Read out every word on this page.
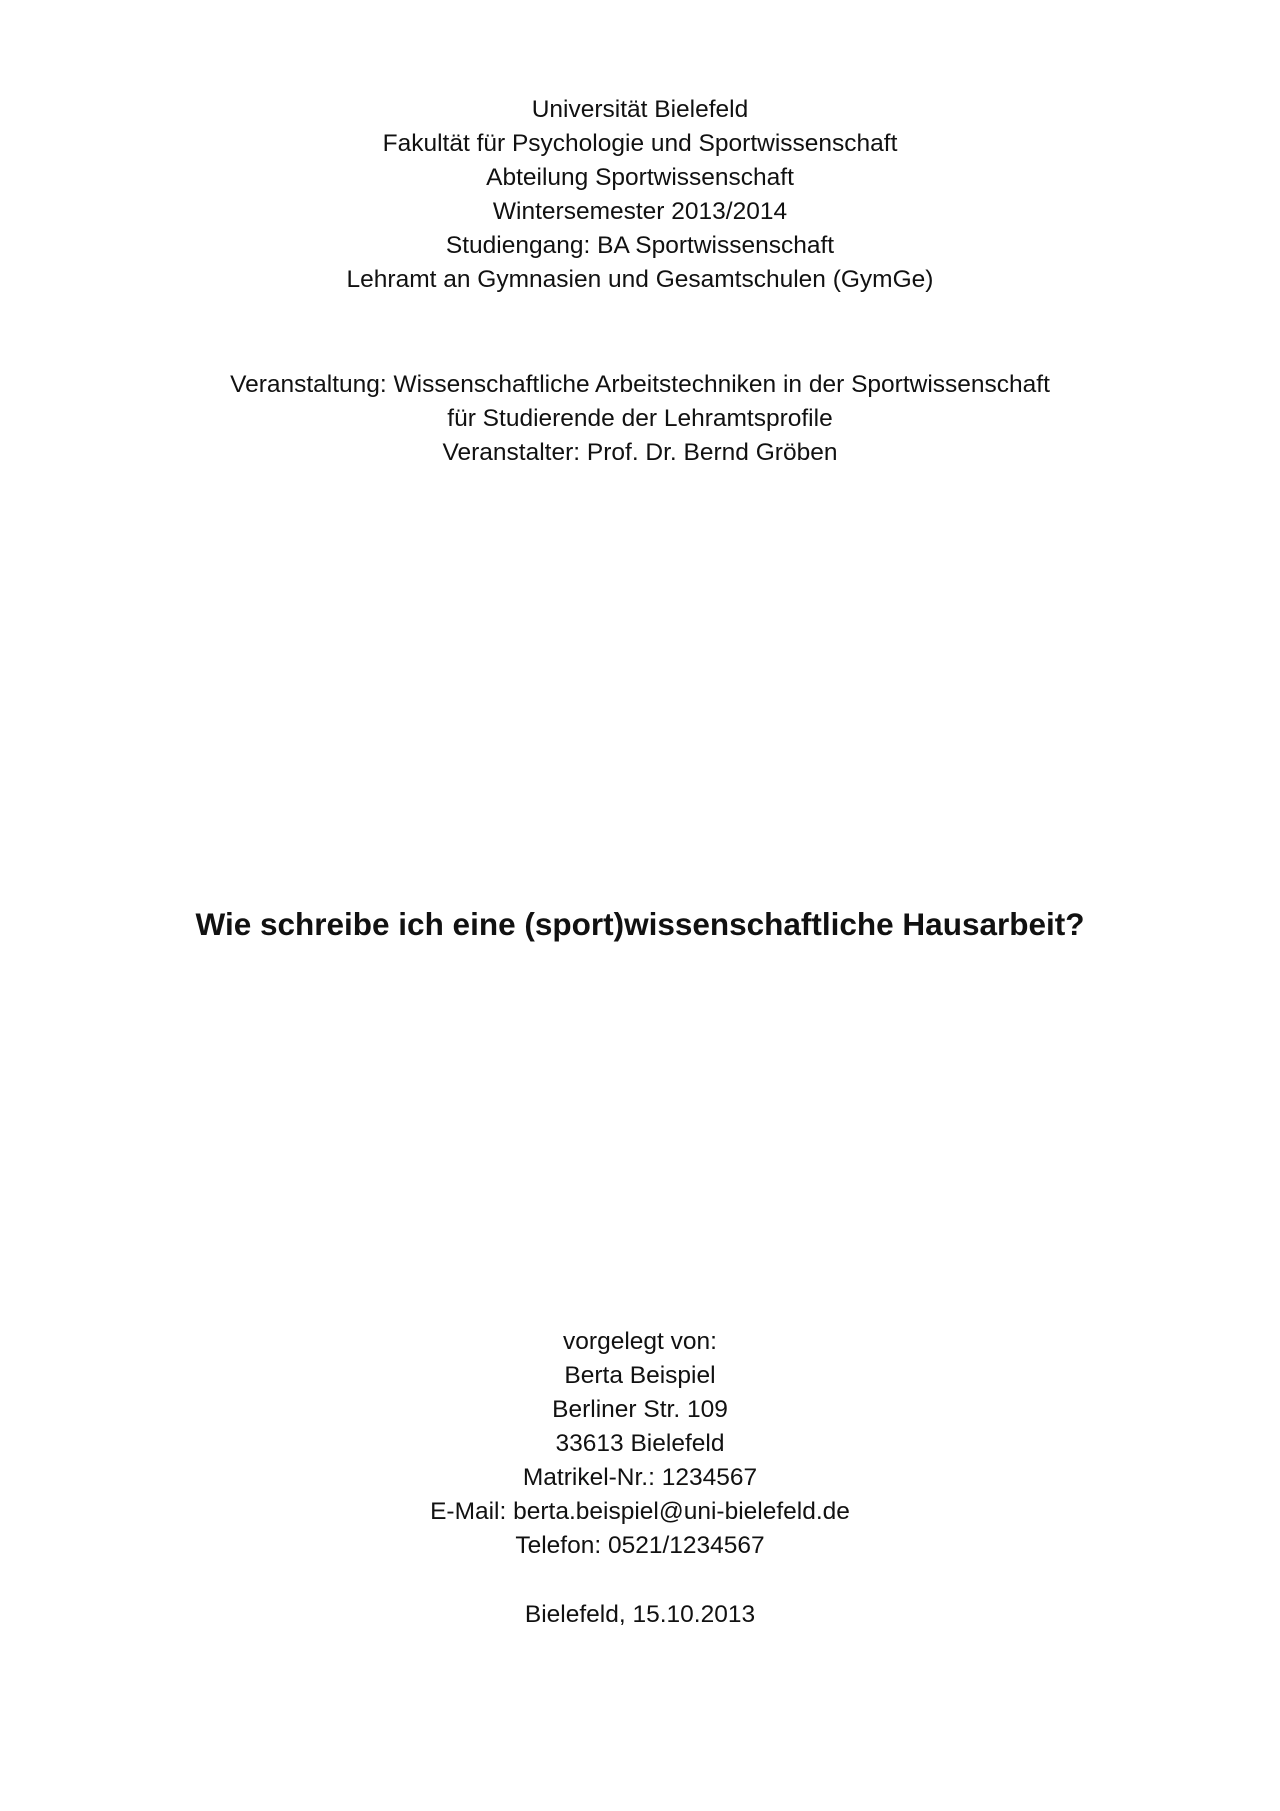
Universität Bielefeld
Fakultät für Psychologie und Sportwissenschaft
Abteilung Sportwissenschaft
Wintersemester 2013/2014
Studiengang: BA Sportwissenschaft
Lehramt an Gymnasien und Gesamtschulen (GymGe)
Veranstaltung: Wissenschaftliche Arbeitstechniken in der Sportwissenschaft
für Studierende der Lehramtsprofile
Veranstalter: Prof. Dr. Bernd Gröben
Wie schreibe ich eine (sport)wissenschaftliche Hausarbeit?
vorgelegt von:
Berta Beispiel
Berliner Str. 109
33613 Bielefeld
Matrikel-Nr.: 1234567
E-Mail: berta.beispiel@uni-bielefeld.de
Telefon: 0521/1234567
Bielefeld, 15.10.2013
